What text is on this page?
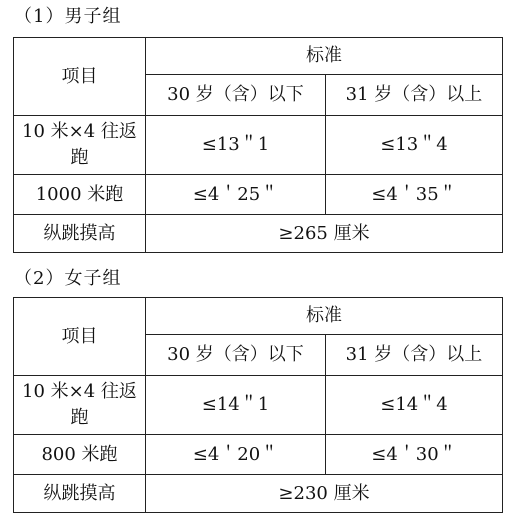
（1）男子组
项目	标准	
	30 岁（含）以下	31 岁（含）以上
10 米×4 往返跑	≤13＂1	≤13＂4
1000 米跑	≤4＇25＂	≤4＇35＂
纵跳摸高	≥265 厘米	
（2）女子组
项目	标准	
	30 岁（含）以下	31 岁（含）以上
10 米×4 往返跑	≤14＂1	≤14＂4
800 米跑	≤4＇20＂	≤4＇30＂
纵跳摸高	≥230 厘米	
